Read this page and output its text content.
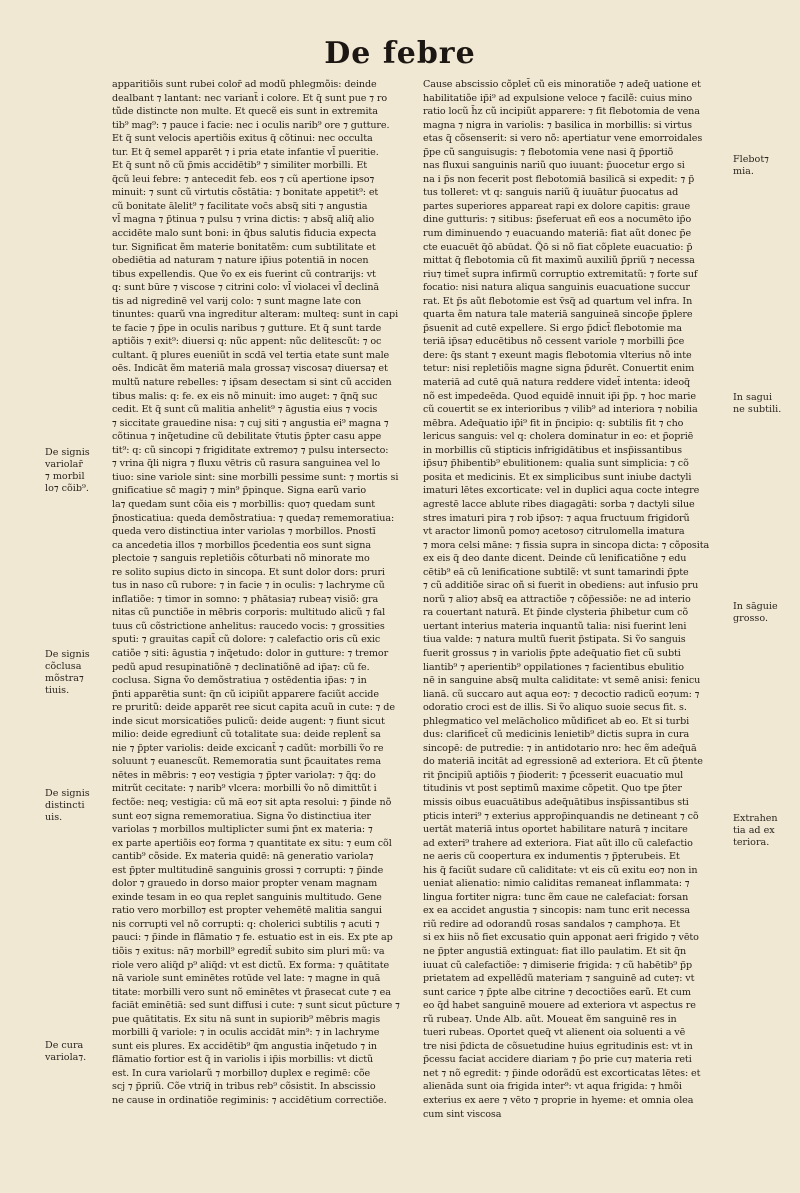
De febre
apparitiõis sunt rubei color̄ ad modũ phlegmõis: deinde
dealbant ⁊ lantant: nec variant̄ i colore. Et q̃ sunt pue ⁊ ro
tũde distincte non multe. Et quecẽ eis sunt in extremita
tib⁹ mag⁹: ⁊ pauce i facie: nec i oculis narib⁹ ore ⁊ gutture.
Et q̃ sunt velocis apertiõis exitus q̃ cõtinui: nec occulta
tur. Et q̃ semel apparēt ⁊ i pria etate infantie vl̄ pueritie.
Et q̃ sunt nõ cũ p̃mis accidētib⁹ ⁊ similiter morbilli. Et
q̃cũ leui febre: ⁊ antecedit feb. eos ⁊ cũ apertione ipso⁊
minuit: ⁊ sunt cũ virtutis cõstātia: ⁊ bonitate appetit⁹: et
cũ bonitate ālelit⁹ ⁊ facilitate voc̄s absq̃ siti ⁊ angustia
vl̄ magna ⁊ p̃tinua ⁊ pulsu ⁊ vrina dictis: ⁊ absq̃ aliq̃ alio
accidēte malo sunt boni: in q̃bus salutis fiducia expecta
tur. Significat ẽm materie bonitatẽm: cum subtilitate et
obediētia ad naturam ⁊ nature ip̃ius potentiā in nocen
tibus expellendis. Que ṽo ex eis fuerint cũ contrarijs: vt
q: sunt būre ⁊ viscose ⁊ citrini colo: vl̄ violacei vl̄ declinā
tis ad nigredinē vel varij colo: ⁊ sunt magne late con
tinuntes: quarũ vna ingreditur alteram: multeq: sunt in capi
te facie ⁊ p̃pe in oculis naribus ⁊ gutture. Et q̃ sunt tarde
aptiõis ⁊ exit⁹: diuersi q: nũc appent: nũc delitescũt: ⁊ oc
cultant. q̃ plures eueniũt in scdā vel tertia etate sunt male
oēs. Indicāt ẽm materiā mala grossa⁊ viscosa⁊ diuersa⁊ et
multũ nature rebelles: ⁊ ip̃sam desectam si sint cũ acciden
tibus malis: q: fe. ex eis nõ minuit: imo auget: ⁊ q̃nq̃ suc
cedit. Et q̃ sunt cũ malitia anhelit⁹ ⁊ āgustia eius ⁊ vocis
⁊ siccitate grauedine nisa: ⁊ cuj siti ⁊ angustia ei⁹ magna ⁊
cõtinua ⁊ inq̃etudine cũ debilitate v̄tutis p̃pter casu appe
tit⁹: q: cũ sincopi ⁊ frigiditate extremo⁊ ⁊ pulsu intersecto:
⁊ vrina q̃li nigra ⁊ fluxu vētris cũ rasura sanguinea vel lo
tiuo: sine variole sint: sine morbilli pessime sunt: ⁊ mortis si
gnificatiue sc̃ magi⁊ ⁊ min⁹ p̃pinque. Signa earũ vario
la⁊ quedam sunt cõia eis ⁊ morbillis: quo⁊ quedam sunt
p̃nosticatiua: queda demõstratiua: ⁊ queda⁊ rememoratiua:
queda vero distinctiua inter variolas ⁊ morbillos. Pnostī
ca ancedetia illos ⁊ morbillos p̃cedentia eos sunt signa
plectoie ⁊ sanguis repletiõis cõturbati nõ minorate mo
re solito supius dicto in sincopa. Et sunt dolor dors: pruri
tus in naso cũ rubore: ⁊ in facie ⁊ in oculis: ⁊ lachryme cũ
inflatiõe: ⁊ timor in somno: ⁊ phātasia⁊ rubea⁊ visiõ: gra
nitas cũ punctiõe in mēbris corporis: multitudo alicũ ⁊ fal
tuus cũ cõstrictione anhelitus: raucedo vocis: ⁊ grossities
sputi: ⁊ grauitas capit̄ cũ dolore: ⁊ calefactio oris cũ exic
catiõe ⁊ siti: āgustia ⁊ inq̃etudo: dolor in gutture: ⁊ tremor
pedũ apud resupinatiõnē ⁊ declinatiõnē ad ip̃a⁊: cũ fe.
coclusa. Signa ṽo demõstratiua ⁊ ostēdentia ip̃as: ⁊ in
p̃nti apparētia sunt: q̃n cũ icipiũt apparere faciũt accide
re pruritũ: deide apparēt ree sicut capita acuũ in cute: ⁊ de
inde sicut morsicatiões pulicũ: deide augent: ⁊ fiunt sicut
milio: deide egrediunt̄ cũ totalitate sua: deide replent̄ sa
nie ⁊ p̃pter variolis: deide excicant̄ ⁊ cadũt: morbilli ṽo re
soluunt ⁊ euanescũt. Rememoratia sunt p̃cauitates rema
nētes in mēbris: ⁊ eo⁊ vestigia ⁊ p̃pter variola⁊: ⁊ q̃q: do
mitrũt cecitate: ⁊ narib⁹ vlcera: morbilli ṽo nõ dimittũt i
fectõe: neq; vestigia: cũ mā eo⁊ sit apta resolui: ⁊ p̃inde nõ
sunt eo⁊ signa rememoratiua. Signa ṽo distinctiua iter
variolas ⁊ morbillos multiplicter sumi p̃nt ex materia: ⁊
ex parte apertiõis eo⁊ forma ⁊ quantitate ex situ: ⁊ eum cõl
cantib⁹ cõside. Ex materia quidē: nā generatio variola⁊
est p̃pter multitudinē sanguinis grossi ⁊ corrupti: ⁊ p̃inde
dolor ⁊ grauedo in dorso maior propter venam magnam
exinde tesam in eo qua replet sanguinis multitudo. Gene
ratio vero morbillo⁊ est propter vehemētē malitia sangui
nis corrupti vel nõ corrupti: q: cholerici subtilis ⁊ acuti ⁊
pauci: ⁊ p̃inde in flāmatio ⁊ fe. estuatio est in eis. Ex pte ap
tiõis ⁊ exitus: nā⁊ morbill⁹ egredit̄ subito sim pluri mũ: va
riole vero aliq̃d p⁹ aliq̃d: vt est dictũ. Ex forma: ⁊ quātitate
nā variole sunt eminētes rotūde vel late: ⁊ magne in quā
titate: morbilli vero sunt nõ eminētes vt p̃rasecat cute ⁊ ea
faciāt eminētiā: sed sunt diffusi i cute: ⁊ sunt sicut pūcture ⁊
pue quātitatis. Ex situ nā sunt in supiorib⁹ mēbris magis
morbilli q̃ variole: ⁊ in oculis accidāt min⁹: ⁊ in lachryme
sunt eis plures. Ex accidētib⁹ q̃m angustia inq̃etudo ⁊ in
flāmatio fortior est q̃ in variolis i ip̃is morbillis: vt dictũ
est. In cura variolarũ ⁊ morbillo⁊ duplex e regimē: cõe
scj ⁊ p̃priũ. Cõe vtriq̃ in tribus reb⁹ cõsistit. In abscissio
ne cause in ordinatiõe regiminis: ⁊ accidētium correctiõe.
Cause abscissio cõplet̄ cũ eis minoratiõe ⁊ adeq̃ uatione et
habilitatiõe ip̃i⁹ ad expulsione veloce ⁊ facilẽ: cuius mino
ratio locũ h̄z cũ incipiũt apparere: ⁊ fit flebotomia de vena
magna ⁊ nigra in variolis: ⁊ basilica in morbillis: si virtus
etas q̃ cõsenserit: si vero nõ: apertiatur vene emorroidales
p̃pe cũ sanguisugis: ⁊ flebotomia vene nasi q̃ p̃portiõ
nas fluxui sanguinis nariũ quo iuuant: p̃uocetur ergo si
na i p̃s non fecerit post flebotomiā basilicā si expedit: ⁊ p̃
tus tolleret: vt q: sanguis nariũ q̃ iuuātur p̃uocatus ad
partes superiores appareat rapi ex dolore capitis: graue
dine gutturis: ⁊ sitibus: p̃seferuat eñ eos a nocumēto ip̃o
rum diminuendo ⁊ euacuando materiā: fiat aũt donec p̃e
cte euacuēt q̃ō abūdat. Q̃ō si nõ fiat cõplete euacuatio: p̃
mittat q̃ flebotomia cũ fit maximũ auxiliũ p̃priũ ⁊ necessa
riu⁊ timet̄ supra infirmũ corruptio extremitatũ: ⁊ forte suf
focatio: nisi natura aliqua sanguinis euacuatione succur
rat. Et p̃s aũt flebotomie est v̄sq̃ ad quartum vel infra. In
quarta ẽm natura tale materiā sanguineā sincop̄e p̃plere
p̃suenit ad cutē expellere. Si ergo p̃dict̄ flebotomie ma
teriā ip̃sa⁊ educētibus nõ cessent variole ⁊ morbilli p̃ce
dere: q̃s stant ⁊ exeunt magis flebotomia vlterius nõ inte
tetur: nisi repletiõis magne signa p̃durēt. Conuertit enim
materiā ad cutē quā natura reddere videt̄ intenta: ideoq̃
nõ est impedeēda. Quod equidē innuit ip̃i p̃p. ⁊ hoc marie
cũ couertit se ex interioribus ⁊ vilib⁹ ad interiora ⁊ nobilia
mēbra. Adeq̃uatio ip̃i⁹ fit in p̃ncipio: q: subtilis fit ⁊ cho
lericus sanguis: vel q: cholera dominatur in eo: et p̃opriē
in morbillis cũ stipticis infrigidātibus et insp̃issantibus
ip̃su⁊ p̃hibentib⁹ ebulitionem: qualia sunt simplicia: ⁊ cõ
posita et medicinis. Et ex simplicibus sunt iniube dactyli
imaturi lētes excorticate: vel in duplici aqua cocte integre
agrestē lacce ablute ribes diagagāti: sorba ⁊ dactyli silue
stres imaturi pira ⁊ rob ip̃so⁊: ⁊ aqua fructuum frigidorũ
vt aractor limonũ pomo⁊ acetoso⁊ citrulomella imatura
⁊ mora celsi māne: ⁊ fissia supra in sincopa dicta: ⁊ cõposita
ex eis q̃ deo dante dicent. Deinde cũ lenificatiõne ⁊ edu
cētib⁹ eā cũ lenificatione subtilẽ: vt sunt tamarindi p̃pte
⁊ cũ additiõe sirac oñ si fuerit in obediens: aut infusio pru
norũ ⁊ alio⁊ absq̃ ea attractiõe ⁊ cõp̃essiõe: ne ad interio
ra couertant naturā. Et p̃inde clysteria p̃hibetur cum cõ
uertant interius materia inquantũ talia: nisi fuerint leni
tiua valde: ⁊ natura multũ fuerit p̃stipata. Si ṽo sanguis
fuerit grossus ⁊ in variolis p̃pte adeq̃uatio fiet cũ subti
liantib⁹ ⁊ aperientib⁹ oppilationes ⁊ facientibus ebulitio
nē in sanguine absq̃ multa caliditate: vt semē anisi: fenicu
lianā. cũ succaro aut aqua eo⁊: ⁊ decoctio radicũ eo⁊um: ⁊
odoratio croci est de illis. Si ṽo aliquo suoie secus fit. s.
phlegmatico vel melācholico mũdificet ab eo. Et si turbi
dus: clarificet̄ cũ medicinis lenietib⁹ dictis supra in cura
sincopē: de putredie: ⁊ in antidotario nro: hec ẽm adeq̃uā
do materiā incitāt ad egressionē ad exteriora. Et cũ p̃tente
rit p̃ncipiũ aptiõis ⁊ p̃ioderit: ⁊ p̃cesserit euacuatio mul
titudinis vt post septimũ maxime cõpetit. Quo tpe p̃ter
missis oibus euacuātibus adeq̃uātibus insp̃issantibus sti
pticis interi⁹ ⁊ exterius approp̃inquandis ne detineant ⁊ cõ
uertāt materiā intus oportet habilitare naturā ⁊ incitare
ad exteri⁹ trahere ad exteriora. Fiat aũt illo cũ calefactio
ne aeris cũ coopertura ex indumentis ⁊ p̃pterubeis. Et
his q̃ faciũt sudare cũ caliditate: vt eis cũ exitu eo⁊ non in
ueniat alienatio: nimio caliditas remaneat inflammata: ⁊
lingua fortiter nigra: tunc ẽm caue ne calefaciat: forsan
ex ea accidet angustia ⁊ sincopis: nam tunc erit necessa
riũ redire ad odorandũ rosas sandalos ⁊ campho⁊a. Et
si ex hiis nõ fiet excusatio quin apponat aeri frigido ⁊ vēto
ne p̃pter angustiā extinguat: fiat illo paulatim. Et sit q̃n
iuuat cũ calefactiõe: ⁊ dimiserie frigida: ⁊ cũ habētib⁹ p̃p
prietatem ad expellēdũ materiam ⁊ sanguinē ad cute⁊: vt
sunt carice ⁊ p̃pte albe citrine ⁊ decoctiões earũ. Et cum
eo q̃ḋ habet sanguinē mouere ad exteriora vt aspectus re
rũ rubea⁊. Unde Alb. aũt. Moueat ẽm sanguinē res in
tueri rubeas. Oportet queq̃ vt alienent oia soluenti a vē
tre nisi p̃dicta de cõsuetudine huius egritudinis est: vt in
p̃cessu faciat accidere diariam ⁊ p̃o prie cu⁊ materia reti
net ⁊ nõ egredit: ⁊ p̃inde odorãdū est excorticatas lētes: et
alienāda sunt oia frigida inter⁹: vt aqua frigida: ⁊ hmõi
exterius ex aere ⁊ vēto ⁊ proprie in hyeme: et omnia olea
cum sint viscosa
De signis
variolar̄
⁊ morbil
lo⁊ cõib⁹.
De signis
cõclusa
mõstra⁊
tiuis.
De signis
distincti
uis.
De cura
variola⁊.
Flebot⁊
mia.
In sagui
ne subtili.
In sāguie
grosso.
Extrahen
tia ad ex
teriora.
